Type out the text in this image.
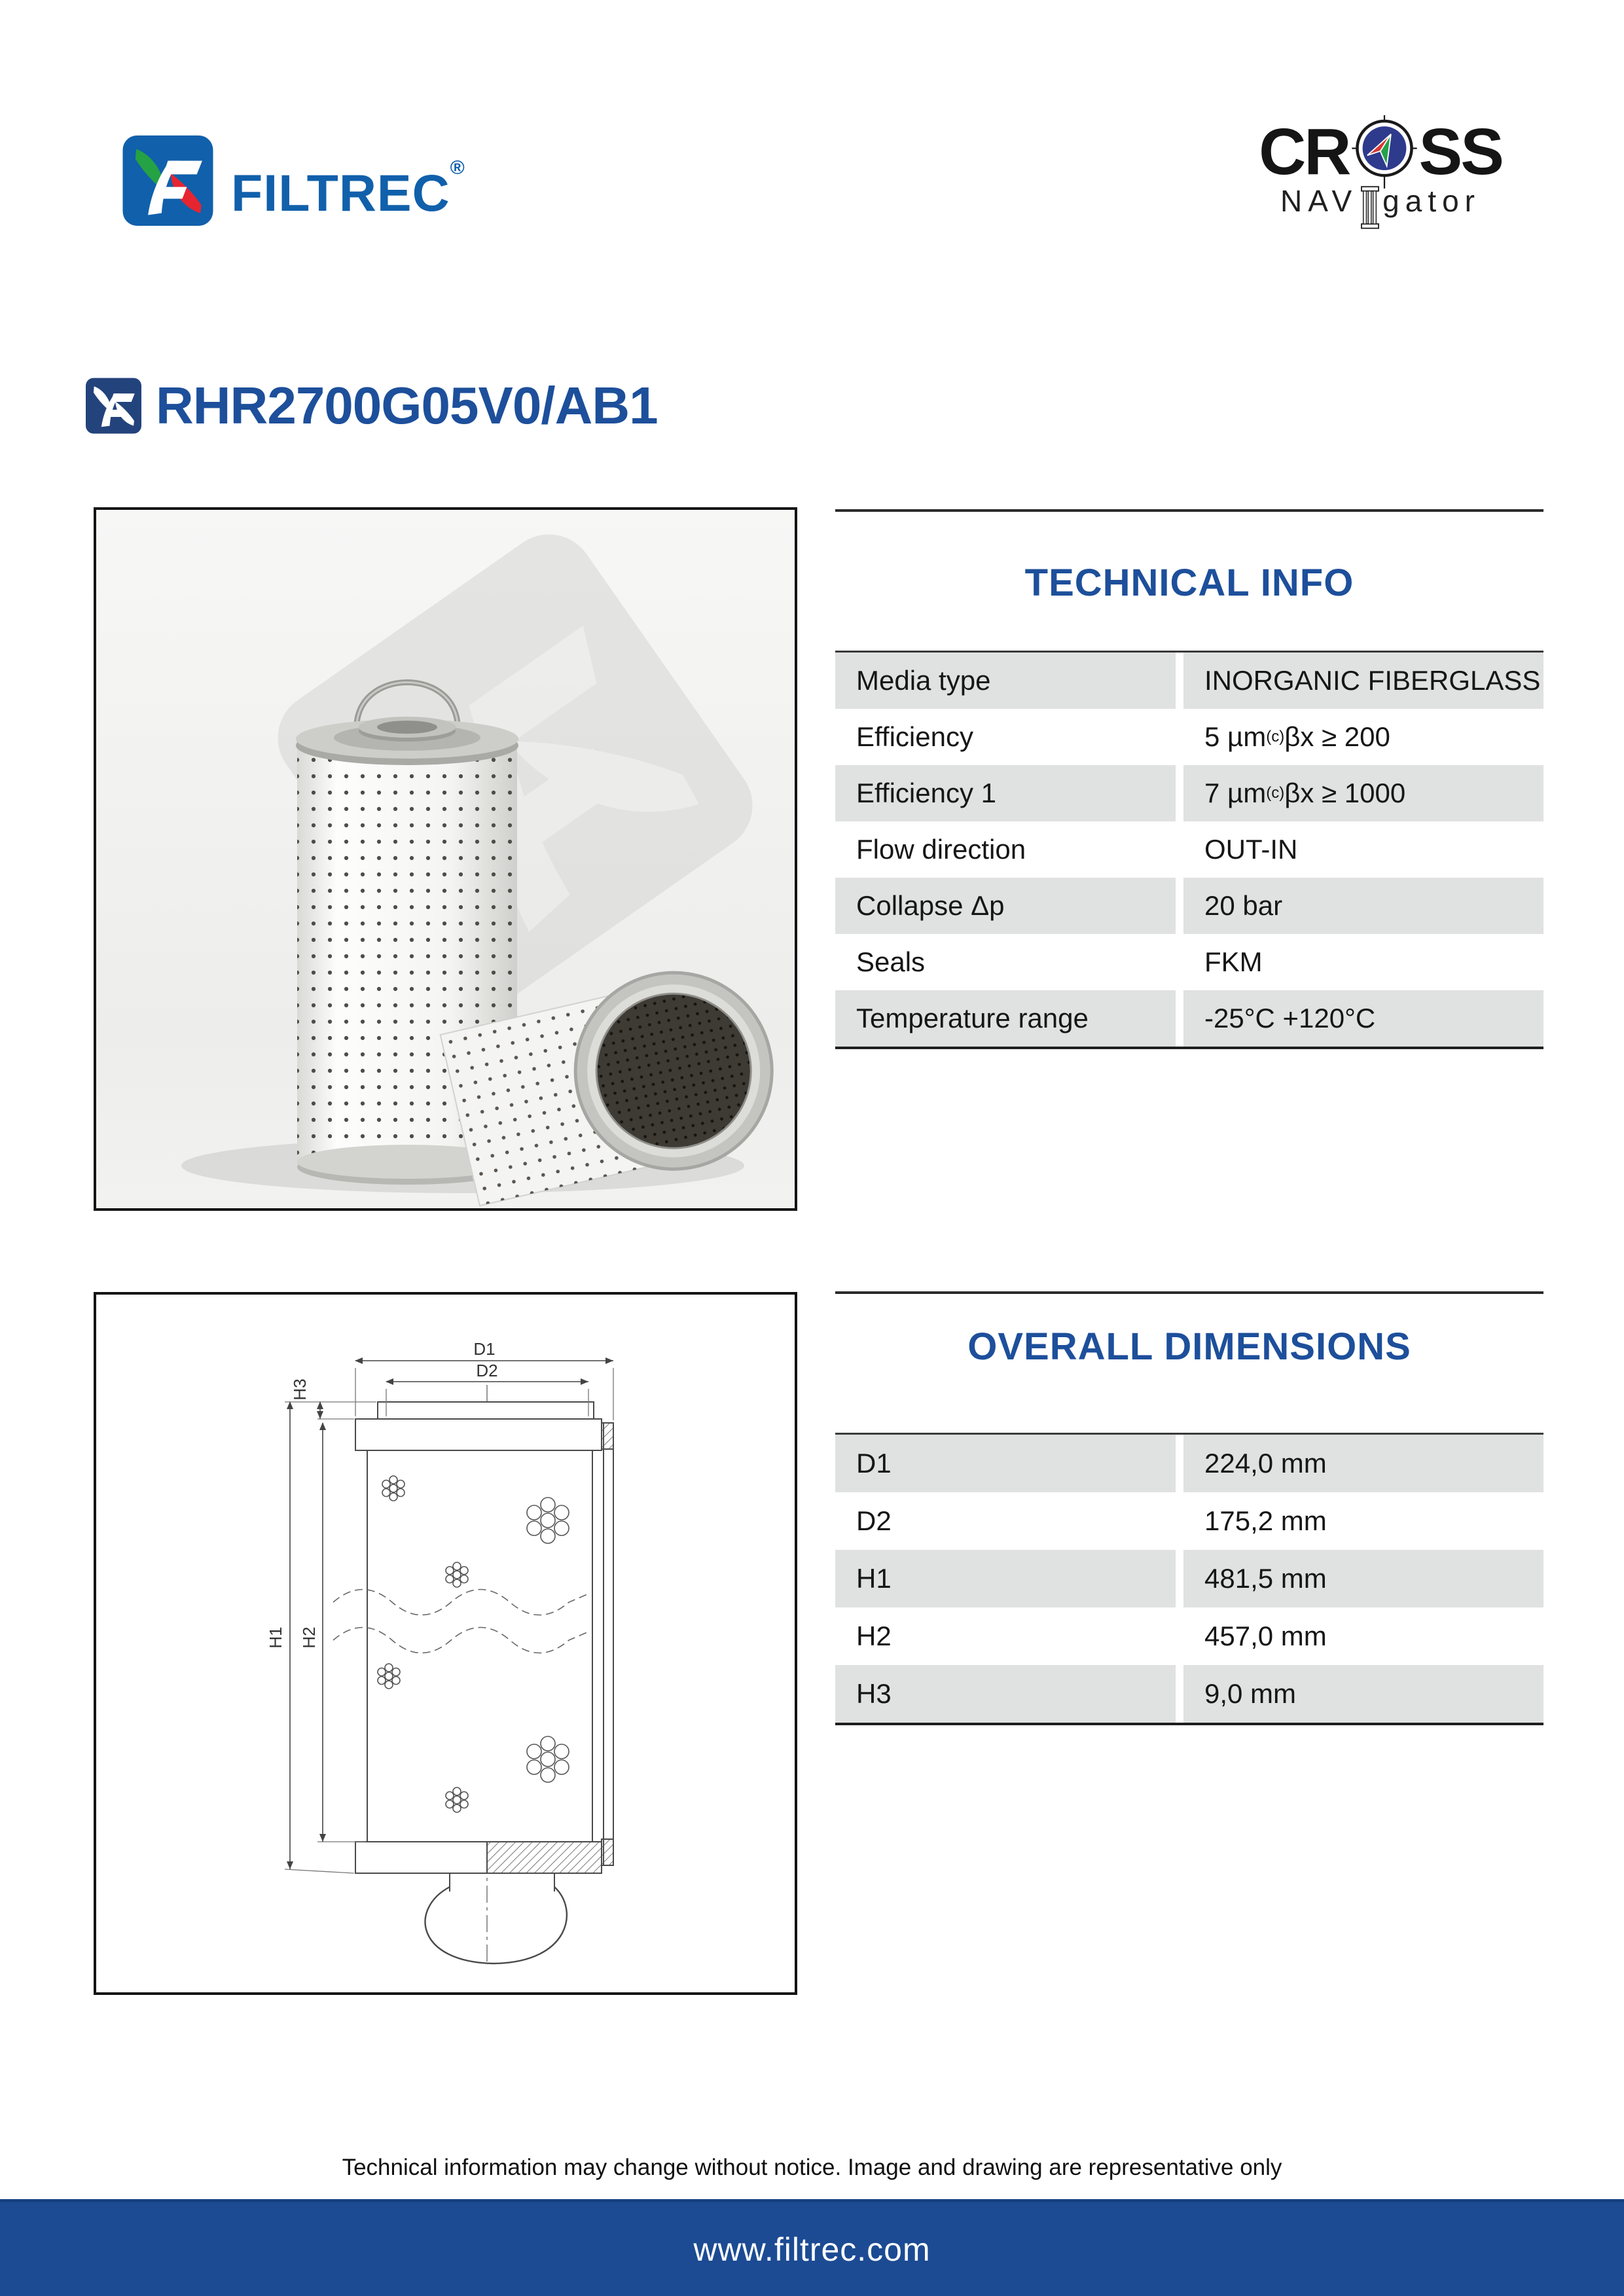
FILTREC®	CR SS
NAV gator
RHR2700G05V0/AB1
TECHNICAL INFO
Media type	INORGANIC FIBERGLASS
Efficiency	5 µm (c) βx ≥ 200
Efficiency 1	7 µm (c) βx ≥ 1000
Flow direction	OUT-IN
Collapse Δp	20 bar
Seals	FKM
Temperature range	-25°C +120°C
D1
D2
H3
H1 H2
OVERALL DIMENSIONS
D1	224,0 mm
D2	175,2 mm
H1	481,5 mm
H2	457,0 mm
H3	9,0 mm
Technical information may change without notice. Image and drawing are representative only
www.filtrec.com
